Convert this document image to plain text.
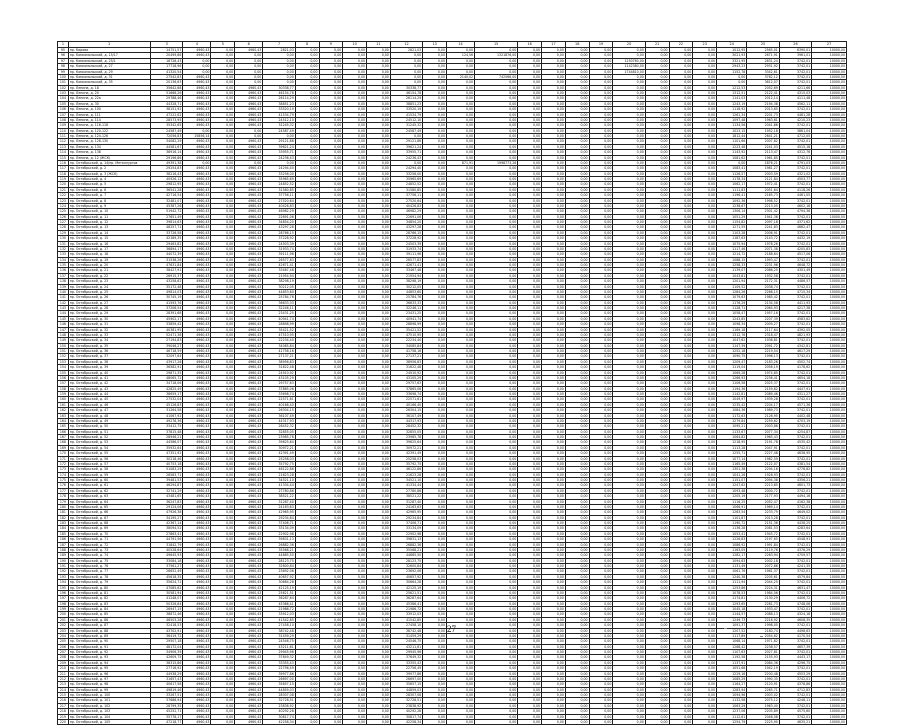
1	2	3	4	5	6	7	8	9	10	11	12	13	14	15	16	17	18	19	20	21	22	23	24	25	26	27
95	пр. Кирова	14751,57	4960,43	0,00	4960,43	2821,03	0,00	0,00	0,00	0,00	2821,03	0,00	0,00	0,00	0,00	0,00	0,00	0,00	0,00	0,00	0,00	0,00	1012,95	2565,01	6390,01	10000,00
96	пр. Комсомольский, д. 15/17	20499,86	4960,43	0,00	0,00	0,00	0,00	0,00	0,00	0,00	0,00	0,00	124,56	1321876,00	0,00	0,00	0,00	0,00	0,00	0,00	0,00	0,00	3021,93	2671,91	3961,01	10000,00
97	пр. Комсомольский, д. 25/1	18728,43	0,00	0,00	0,00	0,00	0,00	0,00	0,00	0,00	0,00	0,00	0,00	0,00	0,00	0,00	0,00	0,00	1250760,00	0,00	0,00	0,00	3321,95	2831,24	3742,01	10000,00
98	пр. Комсомольский, д. 27	17718,96	0,00	0,00	0,00	0,00	0,00	0,00	0,00	0,00	0,00	0,00	0,00	0,00	0,00	0,00	0,00	0,00	1142380,00	0,00	0,00	0,00	2943,23	2931,92	3742,01	10000,00
99	пр. Комсомольский, д. 29	41320,54	0,00	0,00	0,00	0,00	0,00	0,00	0,00	0,00	0,00	0,00	0,00	0,00	0,00	0,00	0,00	0,00	1744810,00	0,00	0,00	0,00	1152,78	3342,61	3742,01	10000,00
100	пр. Комсомольский, д. 31	27542,83	4960,43	0,00	0,00	0,00	0,00	0,00	0,00	0,00	0,00	0,00	2140,02	742566,00	0,00	0,00	0,00	0,00	0,00	0,00	0,00	0,00	0,00	3762,12	3742,01	10000,00
101	пр. Комсомольский, д. 35	20136,63	4960,43	0,00	0,00	0,00	0,00	0,00	0,00	0,00	0,00	0,00	0,00	0,00	0,00	0,00	0,00	0,00	0,00	0,00	0,00	0,00	0,00	3612,07	3742,01	10000,00
102	пр. Ленина, д. 18	35642,68	4960,43	0,00	4960,43	30338,77	0,00	0,00	0,00	0,00	30338,77	0,00	0,00	0,00	0,00	0,00	0,00	0,00	0,00	0,00	0,00	0,00	1212,53	2052,69	4211,66	10000,00
103	пр. Ленина, д. 20	51666,26	4960,43	0,00	4960,43	46154,78	0,00	0,00	0,00	0,00	46154,78	0,00	0,00	0,00	0,00	0,00	0,00	0,00	0,00	0,00	0,00	0,00	1312,51	2122,41	4315,03	10000,00
104	пр. Ленина, д. 22а	29788,46	4960,43	0,00	4960,43	26114,29	0,00	0,00	0,00	0,00	26114,29	0,00	0,00	0,00	0,00	0,00	0,00	0,00	0,00	0,00	0,00	0,00	1141,03	2012,14	4111,48	10000,00
105	пр. Ленина, д. 30	44328,71	4960,43	0,00	4960,43	38851,23	0,00	0,00	0,00	0,00	38851,23	0,00	0,00	0,00	0,00	0,00	0,00	0,00	0,00	0,00	0,00	0,00	1243,19	2194,38	4562,11	10000,00
106	пр. Ленина, д. 100	38151,92	4960,43	0,00	4960,43	33520,19	0,00	0,00	0,00	0,00	33520,19	0,00	0,00	0,00	0,00	0,00	0,00	0,00	0,00	0,00	0,00	0,00	1118,92	2013,65	3742,01	10000,00
107	пр. Ленина, д. 111	47222,62	4960,43	0,00	4960,43	41534,79	0,00	0,00	0,00	0,00	41534,79	0,00	0,00	0,00	0,00	0,00	0,00	0,00	0,00	0,00	0,00	0,00	1261,34	2201,73	4481,28	10000,00
108	пр. Ленина, д. 114	28573,95	4960,43	0,00	4960,43	24512,10	0,00	0,00	0,00	0,00	24512,10	0,00	0,00	0,00	0,00	0,00	0,00	0,00	0,00	0,00	0,00	0,00	1097,48	1963,61	4210,23	10000,00
109	пр. Ленина, д. 116-118	35342,65	4960,43	0,00	4960,43	31245,32	0,00	0,00	0,00	0,00	31245,32	0,00	0,00	0,00	0,00	0,00	0,00	0,00	0,00	0,00	0,00	0,00	1134,56	2041,86	3742,01	10000,00
110	пр. Ленина, д. 120-122	24587,49	0,00	0,00	0,00	24587,49	0,00	0,00	0,00	0,00	24587,49	0,00	0,00	0,00	0,00	0,00	0,00	0,00	0,00	0,00	0,00	0,00	1023,15	1952,18	3861,04	10000,00
111	пр. Ленина, д. 124-126	72056,83	15856,14	0,00	0,00	0,00	0,00	0,00	0,00	0,00	0,00	0,00	0,00	0,00	0,00	0,00	0,00	0,00	0,00	0,00	0,00	0,00	1812,44	2641,21	4712,05	10000,00
112	пр. Ленина, д. 128-130	34082,29	4960,43	0,00	4960,43	29121,86	0,00	0,00	0,00	0,00	29121,86	0,00	0,00	0,00	0,00	0,00	0,00	0,00	0,00	0,00	0,00	0,00	1101,66	2007,82	3742,01	10000,00
113	пр. Ленина, д. 134	44581,67	4960,43	0,00	4960,43	39621,24	0,00	0,00	0,00	0,00	39621,24	0,00	0,00	0,00	0,00	0,00	0,00	0,00	0,00	0,00	0,00	0,00	1223,48	2241,03	4515,18	10000,00
114	пр. Ленина, д. 138	38916,14	4960,43	0,00	4960,43	33955,71	0,00	0,00	0,00	0,00	33955,71	0,00	0,00	0,00	0,00	0,00	0,00	0,00	0,00	0,00	0,00	0,00	1143,92	2113,47	4312,76	10000,00
115	пр. Ленина, д. 12 (ЖСК)	29196,86	4960,43	0,00	4960,43	24236,43	0,00	0,00	0,00	0,00	24236,43	0,00	0,00	0,00	0,00	0,00	0,00	0,00	0,00	0,00	0,00	0,00	1081,62	1961,85	3742,01	10000,00
116	пр. Октябрьский, д. 14/пр. Металлургов	49391,38	0,00	0,00	0,00	0,00	0,00	0,00	0,00	0,00	0,00	0,00	871,91	1998773,26	0,00	0,00	0,00	0,00	0,00	0,00	0,00	0,00	0,00	1876,21	4791,03	10000,00
117	пр. Октябрьский, д. 2	29254,83	4960,43	0,00	4960,43	24294,40	0,00	0,00	0,00	0,00	24294,40	0,00	0,00	0,00	0,00	0,00	0,00	0,00	0,00	0,00	0,00	0,00	1083,41	1981,27	3742,01	10000,00
118	пр. Октябрьский, д. 3 (ЖСК)	38216,43	4960,43	0,00	4960,43	33256,00	0,00	0,00	0,00	0,00	33256,00	0,00	0,00	0,00	0,00	0,00	0,00	0,00	0,00	0,00	0,00	0,00	1126,57	2003,59	4321,02	10000,00
119	пр. Октябрьский, д. 4	40926,12	4960,43	0,00	4960,43	35965,69	0,00	0,00	0,00	0,00	35965,69	0,00	0,00	0,00	0,00	0,00	0,00	0,00	0,00	0,00	0,00	0,00	1178,34	2121,84	4503,77	10000,00
120	пр. Октябрьский, д. 5	29812,95	4960,43	0,00	4960,43	24852,52	0,00	0,00	0,00	0,00	24852,52	0,00	0,00	0,00	0,00	0,00	0,00	0,00	0,00	0,00	0,00	0,00	1062,17	1972,41	3742,01	10000,00
121	пр. Октябрьский, д. 6	36541,28	4960,43	0,00	4960,43	31580,85	0,00	0,00	0,00	0,00	31580,85	0,00	0,00	0,00	0,00	0,00	0,00	0,00	0,00	0,00	0,00	0,00	1111,83	2051,64	4118,26	10000,00
122	пр. Октябрьский, д. 7	42716,54	4960,43	0,00	4960,43	37756,11	0,00	0,00	0,00	0,00	37756,11	0,00	0,00	0,00	0,00	0,00	0,00	0,00	0,00	0,00	0,00	0,00	1196,41	2165,73	4461,05	10000,00
123	пр. Октябрьский, д. 8	32481,07	4960,43	0,00	4960,43	27520,64	0,00	0,00	0,00	0,00	27520,64	0,00	0,00	0,00	0,00	0,00	0,00	0,00	0,00	0,00	0,00	0,00	1092,36	1998,52	3742,01	10000,00
124	пр. Октябрьский, д. 9	45387,26	4960,43	0,00	4960,43	40426,83	0,00	0,00	0,00	0,00	40426,83	0,00	0,00	0,00	0,00	0,00	0,00	0,00	0,00	0,00	0,00	0,00	1238,67	2213,05	4602,18	10000,00
125	пр. Октябрьский, д. 10	51942,72	4960,43	0,00	4960,43	46982,29	0,00	0,00	0,00	0,00	46982,29	0,00	0,00	0,00	0,00	0,00	0,00	0,00	0,00	0,00	0,00	0,00	1306,14	2301,42	4794,36	10000,00
126	пр. Октябрьский, д. 11	27651,49	4960,43	0,00	4960,43	22691,06	0,00	0,00	0,00	0,00	22691,06	0,00	0,00	0,00	0,00	0,00	0,00	0,00	0,00	0,00	0,00	0,00	1051,29	1941,36	3742,01	10000,00
127	пр. Октябрьский, д. 12	39814,63	4960,43	0,00	4960,43	34854,20	0,00	0,00	0,00	0,00	34854,20	0,00	0,00	0,00	0,00	0,00	0,00	0,00	0,00	0,00	0,00	0,00	1154,82	2097,18	4371,62	10000,00
128	пр. Октябрьский, д. 13	48257,71	4960,43	0,00	4960,43	43297,28	0,00	0,00	0,00	0,00	43297,28	0,00	0,00	0,00	0,00	0,00	0,00	0,00	0,00	0,00	0,00	0,00	1271,55	2241,83	4662,47	10000,00
129	пр. Октябрьский, д. 14	33726,58	4960,43	0,00	4960,43	28766,15	0,00	0,00	0,00	0,00	28766,15	0,00	0,00	0,00	0,00	0,00	0,00	0,00	0,00	0,00	0,00	0,00	1103,28	2006,91	3742,01	10000,00
130	пр. Октябрьский, д. 15	42189,35	4960,43	0,00	4960,43	37228,92	0,00	0,00	0,00	0,00	37228,92	0,00	0,00	0,00	0,00	0,00	0,00	0,00	0,00	0,00	0,00	0,00	1187,63	2143,72	4432,19	10000,00
131	пр. Октябрьский, д. 16	29463,82	4960,43	0,00	4960,43	24503,39	0,00	0,00	0,00	0,00	24503,39	0,00	0,00	0,00	0,00	0,00	0,00	0,00	0,00	0,00	0,00	0,00	1075,94	1978,26	3742,01	10000,00
132	пр. Октябрьский, д. 17	36894,17	4960,43	0,00	4960,43	31933,74	0,00	0,00	0,00	0,00	31933,74	0,00	0,00	0,00	0,00	0,00	0,00	0,00	0,00	0,00	0,00	0,00	1117,46	2071,38	4205,83	10000,00
133	пр. Октябрьский, д. 18	44072,39	4960,43	0,00	4960,43	39111,96	0,00	0,00	0,00	0,00	39111,96	0,00	0,00	0,00	0,00	0,00	0,00	0,00	0,00	0,00	0,00	0,00	1214,72	2188,64	4517,06	10000,00
134	пр. Октябрьский, д. 19	31538,26	4960,43	0,00	4960,43	26577,83	0,00	0,00	0,00	0,00	26577,83	0,00	0,00	0,00	0,00	0,00	0,00	0,00	0,00	0,00	0,00	0,00	1088,15	1993,47	3742,01	10000,00
135	пр. Октябрьский, д. 20	47631,84	4960,43	0,00	4960,43	42671,41	0,00	0,00	0,00	0,00	42671,41	0,00	0,00	0,00	0,00	0,00	0,00	0,00	0,00	0,00	0,00	0,00	1258,33	2231,96	4648,72	10000,00
136	пр. Октябрьский, д. 21	38427,91	4960,43	0,00	4960,43	33467,48	0,00	0,00	0,00	0,00	33467,48	0,00	0,00	0,00	0,00	0,00	0,00	0,00	0,00	0,00	0,00	0,00	1139,07	2086,25	4301,49	10000,00
137	пр. Октябрьский, д. 22	26915,37	4960,43	0,00	4960,43	21954,94	0,00	0,00	0,00	0,00	21954,94	0,00	0,00	0,00	0,00	0,00	0,00	0,00	0,00	0,00	0,00	0,00	1043,81	1932,58	3742,01	10000,00
138	пр. Октябрьский, д. 23	43258,62	4960,43	0,00	4960,43	38298,19	0,00	0,00	0,00	0,00	38298,19	0,00	0,00	0,00	0,00	0,00	0,00	0,00	0,00	0,00	0,00	0,00	1201,94	2172,31	4486,57	10000,00
139	пр. Октябрьский, д. 24	35172,48	4960,43	0,00	4960,43	30212,05	0,00	0,00	0,00	0,00	30212,05	0,00	0,00	0,00	0,00	0,00	0,00	0,00	0,00	0,00	0,00	0,00	1109,52	2038,74	3742,01	10000,00
140	пр. Октябрьский, д. 25	49814,03	4960,43	0,00	4960,43	44853,60	0,00	0,00	0,00	0,00	44853,60	0,00	0,00	0,00	0,00	0,00	0,00	0,00	0,00	0,00	0,00	0,00	1284,26	2268,15	4715,34	10000,00
141	пр. Октябрьский, д. 26	30745,19	4960,43	0,00	4960,43	25784,76	0,00	0,00	0,00	0,00	25784,76	0,00	0,00	0,00	0,00	0,00	0,00	0,00	0,00	0,00	0,00	0,00	1079,63	1985,42	3742,01	10000,00
142	пр. Октябрьский, д. 27	41593,76	4960,43	0,00	4960,43	36633,33	0,00	0,00	0,00	0,00	36633,33	0,00	0,00	0,00	0,00	0,00	0,00	0,00	0,00	0,00	0,00	0,00	1176,29	2134,58	4411,93	10000,00
143	пр. Октябрьский, д. 28	37206,54	4960,43	0,00	4960,43	32246,11	0,00	0,00	0,00	0,00	32246,11	0,00	0,00	0,00	0,00	0,00	0,00	0,00	0,00	0,00	0,00	0,00	1128,71	2064,93	4217,38	10000,00
144	пр. Октябрьский, д. 29	28391,68	4960,43	0,00	4960,43	23431,25	0,00	0,00	0,00	0,00	23431,25	0,00	0,00	0,00	0,00	0,00	0,00	0,00	0,00	0,00	0,00	0,00	1058,47	1957,16	3742,01	10000,00
145	пр. Октябрьский, д. 30	45902,17	4960,43	0,00	4960,43	40941,74	0,00	0,00	0,00	0,00	40941,74	0,00	0,00	0,00	0,00	0,00	0,00	0,00	0,00	0,00	0,00	0,00	1243,85	2207,39	4583,62	10000,00
146	пр. Октябрьский, д. 31	33859,42	4960,43	0,00	4960,43	28898,99	0,00	0,00	0,00	0,00	28898,99	0,00	0,00	0,00	0,00	0,00	0,00	0,00	0,00	0,00	0,00	0,00	1098,34	2009,27	3742,01	10000,00
147	пр. Октябрьский, д. 32	40381,95	4960,43	0,00	4960,43	35421,52	0,00	0,00	0,00	0,00	35421,52	0,00	0,00	0,00	0,00	0,00	0,00	0,00	0,00	0,00	0,00	0,00	1169,18	2117,64	4392,05	10000,00
148	пр. Октябрьский, д. 33	52471,38	4960,43	0,00	4960,43	47510,95	0,00	0,00	0,00	0,00	47510,95	0,00	0,00	0,00	0,00	0,00	0,00	0,00	0,00	0,00	0,00	0,00	1312,76	2318,47	4821,93	10000,00
149	пр. Октябрьский, д. 34	27194,83	4960,43	0,00	4960,43	22234,40	0,00	0,00	0,00	0,00	22234,40	0,00	0,00	0,00	0,00	0,00	0,00	0,00	0,00	0,00	0,00	0,00	1047,62	1936,81	3742,01	10000,00
150	пр. Октябрьский, д. 35	39046,27	4960,43	0,00	4960,43	34085,84	0,00	0,00	0,00	0,00	34085,84	0,00	0,00	0,00	0,00	0,00	0,00	0,00	0,00	0,00	0,00	0,00	1147,39	2091,72	4342,81	10000,00
151	пр. Октябрьский, д. 36	46718,59	4960,43	0,00	4960,43	41758,16	0,00	0,00	0,00	0,00	41758,16	0,00	0,00	0,00	0,00	0,00	0,00	0,00	0,00	0,00	0,00	0,00	1252,18	2219,54	4617,29	10000,00
152	пр. Октябрьский, д. 37	32097,64	4960,43	0,00	4960,43	27137,21	0,00	0,00	0,00	0,00	27137,21	0,00	0,00	0,00	0,00	0,00	0,00	0,00	0,00	0,00	0,00	0,00	1090,75	1996,13	3742,01	10000,00
153	пр. Октябрьский, д. 38	43917,26	4960,43	0,00	4960,43	38956,83	0,00	0,00	0,00	0,00	38956,83	0,00	0,00	0,00	0,00	0,00	0,00	0,00	0,00	0,00	0,00	0,00	1209,47	2183,26	4502,74	10000,00
154	пр. Октябрьский, д. 39	36582,91	4960,43	0,00	4960,43	31622,48	0,00	0,00	0,00	0,00	31622,48	0,00	0,00	0,00	0,00	0,00	0,00	0,00	0,00	0,00	0,00	0,00	1119,04	2056,19	4178,62	10000,00
155	пр. Октябрьский, д. 40	29871,35	4960,43	0,00	4960,43	24910,92	0,00	0,00	0,00	0,00	24910,92	0,00	0,00	0,00	0,00	0,00	0,00	0,00	0,00	0,00	0,00	0,00	1069,28	1974,85	3742,01	10000,00
156	пр. Октябрьский, д. 41	48065,72	4960,43	0,00	4960,43	43105,29	0,00	0,00	0,00	0,00	43105,29	0,00	0,00	0,00	0,00	0,00	0,00	0,00	0,00	0,00	0,00	0,00	1266,93	2236,41	4654,18	10000,00
157	пр. Октябрьский, д. 42	34718,06	4960,43	0,00	4960,43	29757,63	0,00	0,00	0,00	0,00	29757,63	0,00	0,00	0,00	0,00	0,00	0,00	0,00	0,00	0,00	0,00	0,00	1106,58	2025,37	3742,01	10000,00
158	пр. Октябрьский, д. 43	42825,49	4960,43	0,00	4960,43	37865,06	0,00	0,00	0,00	0,00	37865,06	0,00	0,00	0,00	0,00	0,00	0,00	0,00	0,00	0,00	0,00	0,00	1194,36	2159,82	4447,91	10000,00
159	пр. Октябрьский, д. 44	38659,17	4960,43	0,00	4960,43	33698,74	0,00	0,00	0,00	0,00	33698,74	0,00	0,00	0,00	0,00	0,00	0,00	0,00	0,00	0,00	0,00	0,00	1142,81	2089,46	4311,27	10000,00
160	пр. Октябрьский, д. 45	27532,04	4960,43	0,00	4960,43	22571,61	0,00	0,00	0,00	0,00	22571,61	0,00	0,00	0,00	0,00	0,00	0,00	0,00	0,00	0,00	0,00	0,00	1049,97	1939,28	3742,01	10000,00
161	пр. Октябрьский, д. 46	45126,83	4960,43	0,00	4960,43	40166,40	0,00	0,00	0,00	0,00	40166,40	0,00	0,00	0,00	0,00	0,00	0,00	0,00	0,00	0,00	0,00	0,00	1235,42	2204,17	4571,36	10000,00
162	пр. Октябрьский, д. 47	31264,58	4960,43	0,00	4960,43	26304,15	0,00	0,00	0,00	0,00	26304,15	0,00	0,00	0,00	0,00	0,00	0,00	0,00	0,00	0,00	0,00	0,00	1084,36	1989,73	3742,01	10000,00
163	пр. Октябрьский, д. 48	41067,92	4960,43	0,00	4960,43	36107,49	0,00	0,00	0,00	0,00	36107,49	0,00	0,00	0,00	0,00	0,00	0,00	0,00	0,00	0,00	0,00	0,00	1172,63	2126,95	4402,48	10000,00
164	пр. Октябрьский, д. 49	49278,36	4960,43	0,00	4960,43	44317,93	0,00	0,00	0,00	0,00	44317,93	0,00	0,00	0,00	0,00	0,00	0,00	0,00	0,00	0,00	0,00	0,00	1279,84	2259,62	4703,19	10000,00
165	пр. Октябрьский, д. 50	33412,75	4960,43	0,00	4960,43	28452,32	0,00	0,00	0,00	0,00	28452,32	0,00	0,00	0,00	0,00	0,00	0,00	0,00	0,00	0,00	0,00	0,00	1095,21	2003,86	3742,01	10000,00
166	пр. Октябрьский, д. 51	37815,48	4960,43	0,00	4960,43	32855,05	0,00	0,00	0,00	0,00	32855,05	0,00	0,00	0,00	0,00	0,00	0,00	0,00	0,00	0,00	0,00	0,00	1133,67	2077,34	4254,87	10000,00
167	пр. Октябрьский, д. 52	28946,21	4960,43	0,00	4960,43	23985,78	0,00	0,00	0,00	0,00	23985,78	0,00	0,00	0,00	0,00	0,00	0,00	0,00	0,00	0,00	0,00	0,00	1064,82	1965,43	3742,01	10000,00
168	пр. Октябрьский, д. 53	44586,07	4960,43	0,00	4960,43	39625,64	0,00	0,00	0,00	0,00	39625,64	0,00	0,00	0,00	0,00	0,00	0,00	0,00	0,00	0,00	0,00	0,00	1218,95	2191,78	4535,42	10000,00
169	пр. Октябрьский, д. 54	35932,64	4960,43	0,00	4960,43	30972,21	0,00	0,00	0,00	0,00	30972,21	0,00	0,00	0,00	0,00	0,00	0,00	0,00	0,00	0,00	0,00	0,00	1113,28	2047,91	3742,01	10000,00
170	пр. Октябрьский, д. 55	47351,92	4960,43	0,00	4960,43	42391,49	0,00	0,00	0,00	0,00	42391,49	0,00	0,00	0,00	0,00	0,00	0,00	0,00	0,00	0,00	0,00	0,00	1255,71	2227,48	4638,95	10000,00
171	пр. Октябрьский, д. 56	30218,46	4960,43	0,00	4960,43	25258,03	0,00	0,00	0,00	0,00	25258,03	0,00	0,00	0,00	0,00	0,00	0,00	0,00	0,00	0,00	0,00	0,00	1077,14	1982,59	3742,01	10000,00
172	пр. Октябрьский, д. 57	40753,18	4960,43	0,00	4960,43	35792,75	0,00	0,00	0,00	0,00	35792,75	0,00	0,00	0,00	0,00	0,00	0,00	0,00	0,00	0,00	0,00	0,00	1165,49	2122,07	4381,54	10000,00
173	пр. Октябрьский, д. 58	51083,29	4960,43	0,00	4960,43	46122,86	0,00	0,00	0,00	0,00	46122,86	0,00	0,00	0,00	0,00	0,00	0,00	0,00	0,00	0,00	0,00	0,00	1301,38	2294,16	4776,82	10000,00
174	пр. Октябрьский, д. 59	26583,71	4960,43	0,00	4960,43	21623,28	0,00	0,00	0,00	0,00	21623,28	0,00	0,00	0,00	0,00	0,00	0,00	0,00	0,00	0,00	0,00	0,00	1041,26	1928,93	3742,01	10000,00
175	пр. Октябрьский, д. 60	39481,53	4960,43	0,00	4960,43	34521,10	0,00	0,00	0,00	0,00	34521,10	0,00	0,00	0,00	0,00	0,00	0,00	0,00	0,00	0,00	0,00	0,00	1151,07	2094,38	4356,21	10000,00
176	пр. Октябрьский, д. 61	46294,87	4960,43	0,00	4960,43	41334,44	0,00	0,00	0,00	0,00	41334,44	0,00	0,00	0,00	0,00	0,00	0,00	0,00	0,00	0,00	0,00	0,00	1247,62	2213,85	4601,73	10000,00
177	пр. Октябрьский, д. 62	32741,29	4960,43	0,00	4960,43	27780,86	0,00	0,00	0,00	0,00	27780,86	0,00	0,00	0,00	0,00	0,00	0,00	0,00	0,00	0,00	0,00	0,00	1093,48	2000,72	3742,01	10000,00
178	пр. Октябрьский, д. 63	43481,65	4960,43	0,00	4960,43	38521,22	0,00	0,00	0,00	0,00	38521,22	0,00	0,00	0,00	0,00	0,00	0,00	0,00	0,00	0,00	0,00	0,00	1205,19	2177,93	4494,16	10000,00
179	пр. Октябрьский, д. 64	36247,83	4960,43	0,00	4960,43	31287,40	0,00	0,00	0,00	0,00	31287,40	0,00	0,00	0,00	0,00	0,00	0,00	0,00	0,00	0,00	0,00	0,00	1116,25	2052,47	4162,38	10000,00
180	пр. Октябрьский, д. 65	29124,06	4960,43	0,00	4960,43	24163,63	0,00	0,00	0,00	0,00	24163,63	0,00	0,00	0,00	0,00	0,00	0,00	0,00	0,00	0,00	0,00	0,00	1066,91	1969,14	3742,01	10000,00
181	пр. Октябрьский, д. 66	47926,38	4960,43	0,00	4960,43	42965,95	0,00	0,00	0,00	0,00	42965,95	0,00	0,00	0,00	0,00	0,00	0,00	0,00	0,00	0,00	0,00	0,00	1263,54	2233,79	4649,02	10000,00
182	пр. Октябрьский, д. 67	34195,27	4960,43	0,00	4960,43	29234,84	0,00	0,00	0,00	0,00	29234,84	0,00	0,00	0,00	0,00	0,00	0,00	0,00	0,00	0,00	0,00	0,00	1101,87	2013,28	3742,01	10000,00
183	пр. Октябрьский, д. 68	42367,14	4960,43	0,00	4960,43	37406,71	0,00	0,00	0,00	0,00	37406,71	0,00	0,00	0,00	0,00	0,00	0,00	0,00	0,00	0,00	0,00	0,00	1190,72	2151,36	4438,25	10000,00
184	пр. Октябрьский, д. 69	38094,52	4960,43	0,00	4960,43	33134,09	0,00	0,00	0,00	0,00	33134,09	0,00	0,00	0,00	0,00	0,00	0,00	0,00	0,00	0,00	0,00	0,00	1136,28	2081,53	4283,64	10000,00
185	пр. Октябрьский, д. 70	27863,41	4960,43	0,00	4960,43	22902,98	0,00	0,00	0,00	0,00	22902,98	0,00	0,00	0,00	0,00	0,00	0,00	0,00	0,00	0,00	0,00	0,00	1053,41	1945,72	3742,01	10000,00
186	пр. Октябрьский, д. 71	44791,56	4960,43	0,00	4960,43	39831,13	0,00	0,00	0,00	0,00	39831,13	0,00	0,00	0,00	0,00	0,00	0,00	0,00	0,00	0,00	0,00	0,00	1226,83	2197,65	4548,91	10000,00
187	пр. Октябрьский, д. 72	31842,79	4960,43	0,00	4960,43	26882,36	0,00	0,00	0,00	0,00	26882,36	0,00	0,00	0,00	0,00	0,00	0,00	0,00	0,00	0,00	0,00	0,00	1086,92	1991,84	3742,01	10000,00
188	пр. Октябрьский, д. 73	40528,64	4960,43	0,00	4960,43	35568,21	0,00	0,00	0,00	0,00	35568,21	0,00	0,00	0,00	0,00	0,00	0,00	0,00	0,00	0,00	0,00	0,00	1163,05	2119,76	4376,29	10000,00
189	пр. Октябрьский, д. 74	49645,93	4960,43	0,00	4960,43	44685,50	0,00	0,00	0,00	0,00	44685,50	0,00	0,00	0,00	0,00	0,00	0,00	0,00	0,00	0,00	0,00	0,00	1282,17	2263,94	4709,57	10000,00
190	пр. Октябрьский, д. 75	33084,18	4960,43	0,00	4960,43	28123,75	0,00	0,00	0,00	0,00	28123,75	0,00	0,00	0,00	0,00	0,00	0,00	0,00	0,00	0,00	0,00	0,00	1094,63	2002,18	3742,01	10000,00
191	пр. Октябрьский, д. 76	37561,27	4960,43	0,00	4960,43	32600,84	0,00	0,00	0,00	0,00	32600,84	0,00	0,00	0,00	0,00	0,00	0,00	0,00	0,00	0,00	0,00	0,00	1131,49	2072,86	4241,35	10000,00
192	пр. Октябрьский, д. 77	28652,49	4960,43	0,00	4960,43	23692,06	0,00	0,00	0,00	0,00	23692,06	0,00	0,00	0,00	0,00	0,00	0,00	0,00	0,00	0,00	0,00	0,00	1061,76	1961,37	3742,01	10000,00
193	пр. Октябрьский, д. 78	45618,35	4960,43	0,00	4960,43	40657,92	0,00	0,00	0,00	0,00	40657,92	0,00	0,00	0,00	0,00	0,00	0,00	0,00	0,00	0,00	0,00	0,00	1240,38	2205,61	4579,84	10000,00
194	пр. Октябрьский, д. 79	35624,71	4960,43	0,00	4960,43	30664,28	0,00	0,00	0,00	0,00	30664,28	0,00	0,00	0,00	0,00	0,00	0,00	0,00	0,00	0,00	0,00	0,00	1111,94	2044,25	3742,01	10000,00
195	пр. Октябрьский, д. 80	47085,62	4960,43	0,00	4960,43	42125,19	0,00	0,00	0,00	0,00	42125,19	0,00	0,00	0,00	0,00	0,00	0,00	0,00	0,00	0,00	0,00	0,00	1253,86	2224,31	4631,47	10000,00
196	пр. Октябрьский, д. 81	30581,94	4960,43	0,00	4960,43	25621,51	0,00	0,00	0,00	0,00	25621,51	0,00	0,00	0,00	0,00	0,00	0,00	0,00	0,00	0,00	0,00	0,00	1078,53	1984,06	3742,01	10000,00
197	пр. Октябрьский, д. 82	41248,07	4960,43	0,00	4960,43	36287,64	0,00	0,00	0,00	0,00	36287,64	0,00	0,00	0,00	0,00	0,00	0,00	0,00	0,00	0,00	0,00	0,00	1174,81	2130,29	4406,72	10000,00
198	пр. Октябрьский, д. 83	50326,84	4960,43	0,00	4960,43	45366,41	0,00	0,00	0,00	0,00	45366,41	0,00	0,00	0,00	0,00	0,00	0,00	0,00	0,00	0,00	0,00	0,00	1293,65	2281,73	4748,06	10000,00
199	пр. Октябрьский, д. 84	26947,15	4960,43	0,00	4960,43	21986,72	0,00	0,00	0,00	0,00	21986,72	0,00	0,00	0,00	0,00	0,00	0,00	0,00	0,00	0,00	0,00	0,00	1045,18	1933,47	3742,01	10000,00
200	пр. Октябрьский, д. 85	38872,46	4960,43	0,00	4960,43	33912,03	0,00	0,00	0,00	0,00	33912,03	0,00	0,00	0,00	0,00	0,00	0,00	0,00	0,00	0,00	0,00	0,00	1144,57	2088,13	4324,18	10000,00
201	пр. Октябрьский, д. 86	46503,28	4960,43	0,00	4960,43	41542,85	0,00	0,00	0,00	0,00	41542,85	0,00	0,00	0,00	0,00	0,00	0,00	0,00	0,00	0,00	0,00	0,00	1249,73	2216,92	4608,35	10000,00
202	пр. Октябрьский, д. 87	32418,53	4960,43	0,00	4960,43	27458,10	0,00	0,00	0,00	0,00	27458,10	0,00	0,00	0,00	0,00	0,00	0,00	0,00	0,00	0,00	0,00	0,00	1091,37	1998,05	3742,01	10000,00
203	пр. Октябрьский, д. 88	43702,91	4960,43	0,00	4960,43	38742,48	0,00	0,00	0,00	0,00	38742,48	0,00	0,00	0,00	0,00	0,00	0,00	0,00	0,00	0,00	0,00	0,00	1207,52	2180,74	4498,63	10000,00
204	пр. Октябрьский, д. 89	36419,72	4960,43	0,00	4960,43	31459,29	0,00	0,00	0,00	0,00	31459,29	0,00	0,00	0,00	0,00	0,00	0,00	0,00	0,00	0,00	0,00	0,00	1117,89	2054,62	4170,54	10000,00
205	пр. Октябрьский, д. 90	29507,18	4960,43	0,00	4960,43	24546,75	0,00	0,00	0,00	0,00	24546,75	0,00	0,00	0,00	0,00	0,00	0,00	0,00	0,00	0,00	0,00	0,00	1068,14	1971,82	3742,01	10000,00
206	пр. Октябрьский, д. 91	48172,04	4960,43	0,00	4960,43	43211,61	0,00	0,00	0,00	0,00	43211,61	0,00	0,00	0,00	0,00	0,00	0,00	0,00	0,00	0,00	0,00	0,00	1268,42	2238,57	4657,39	10000,00
207	пр. Октябрьский, д. 92	34906,39	4960,43	0,00	4960,43	29945,96	0,00	0,00	0,00	0,00	29945,96	0,00	0,00	0,00	0,00	0,00	0,00	0,00	0,00	0,00	0,00	0,00	1107,63	2027,81	3742,01	10000,00
208	пр. Октябрьский, д. 93	42609,75	4960,43	0,00	4960,43	37649,32	0,00	0,00	0,00	0,00	37649,32	0,00	0,00	0,00	0,00	0,00	0,00	0,00	0,00	0,00	0,00	0,00	1192,58	2155,93	4443,17	10000,00
209	пр. Октябрьский, д. 94	38315,86	4960,43	0,00	4960,43	33355,43	0,00	0,00	0,00	0,00	33355,43	0,00	0,00	0,00	0,00	0,00	0,00	0,00	0,00	0,00	0,00	0,00	1137,91	2084,36	4296,75	10000,00
210	пр. Октябрьский, д. 95	27716,92	4960,43	0,00	4960,43	22756,49	0,00	0,00	0,00	0,00	22756,49	0,00	0,00	0,00	0,00	0,00	0,00	0,00	0,00	0,00	0,00	0,00	1051,68	1942,19	3742,01	10000,00
211	пр. Октябрьский, д. 96	44938,29	4960,43	0,00	4960,43	39977,86	0,00	0,00	0,00	0,00	39977,86	0,00	0,00	0,00	0,00	0,00	0,00	0,00	0,00	0,00	0,00	0,00	1229,16	2200,48	4553,29	10000,00
212	пр. Октябрьский, д. 97	31657,43	4960,43	0,00	4960,43	26697,00	0,00	0,00	0,00	0,00	26697,00	0,00	0,00	0,00	0,00	0,00	0,00	0,00	0,00	0,00	0,00	0,00	1085,29	1990,35	3742,01	10000,00
213	пр. Октябрьский, д. 98	40617,58	4960,43	0,00	4960,43	35657,15	0,00	0,00	0,00	0,00	35657,15	0,00	0,00	0,00	0,00	0,00	0,00	0,00	0,00	0,00	0,00	0,00	1164,27	2120,91	4378,86	10000,00
214	пр. Октябрьский, д. 99	49819,46	4960,43	0,00	4960,43	44859,03	0,00	0,00	0,00	0,00	44859,03	0,00	0,00	0,00	0,00	0,00	0,00	0,00	0,00	0,00	0,00	0,00	1283,94	2265,71	4712,83	10000,00
215	пр. Октябрьский, д. 100	33267,51	4960,43	0,00	4960,43	28307,08	0,00	0,00	0,00	0,00	28307,08	0,00	0,00	0,00	0,00	0,00	0,00	0,00	0,00	0,00	0,00	0,00	1094,96	2003,02	3742,01	10000,00
216	пр. Октябрьский, д. 101	37688,94	4960,43	0,00	4960,43	32728,51	0,00	0,00	0,00	0,00	32728,51	0,00	0,00	0,00	0,00	0,00	0,00	0,00	0,00	0,00	0,00	0,00	1132,58	2075,12	4248,11	10000,00
217	пр. Октябрьский, д. 102	28799,35	4960,43	0,00	4960,43	23838,92	0,00	0,00	0,00	0,00	23838,92	0,00	0,00	0,00	0,00	0,00	0,00	0,00	0,00	0,00	0,00	0,00	1063,29	1963,40	3742,01	10000,00
218	пр. Октябрьский, д. 103	45252,71	4960,43	0,00	4960,43	40292,28	0,00	0,00	0,00	0,00	40292,28	0,00	0,00	0,00	0,00	0,00	0,00	0,00	0,00	0,00	0,00	0,00	1237,06	2205,89	4575,60	10000,00
219	пр. Октябрьский, д. 104	35778,17	4960,43	0,00	4960,43	30817,74	0,00	0,00	0,00	0,00	30817,74	0,00	0,00	0,00	0,00	0,00	0,00	0,00	0,00	0,00	0,00	0,00	1112,61	2046,08	3742,01	10000,00
220	пр. Октябрьский, д. 105	47218,77	4960,43	0,00	4960,43	42258,34	0,00	0,00	0,00	0,00	42258,34	0,00	0,00	0,00	0,00	0,00	0,00	0,00	0,00	0,00	0,00	0,00	1254,79	2225,90	4635,21	10000,00
27
